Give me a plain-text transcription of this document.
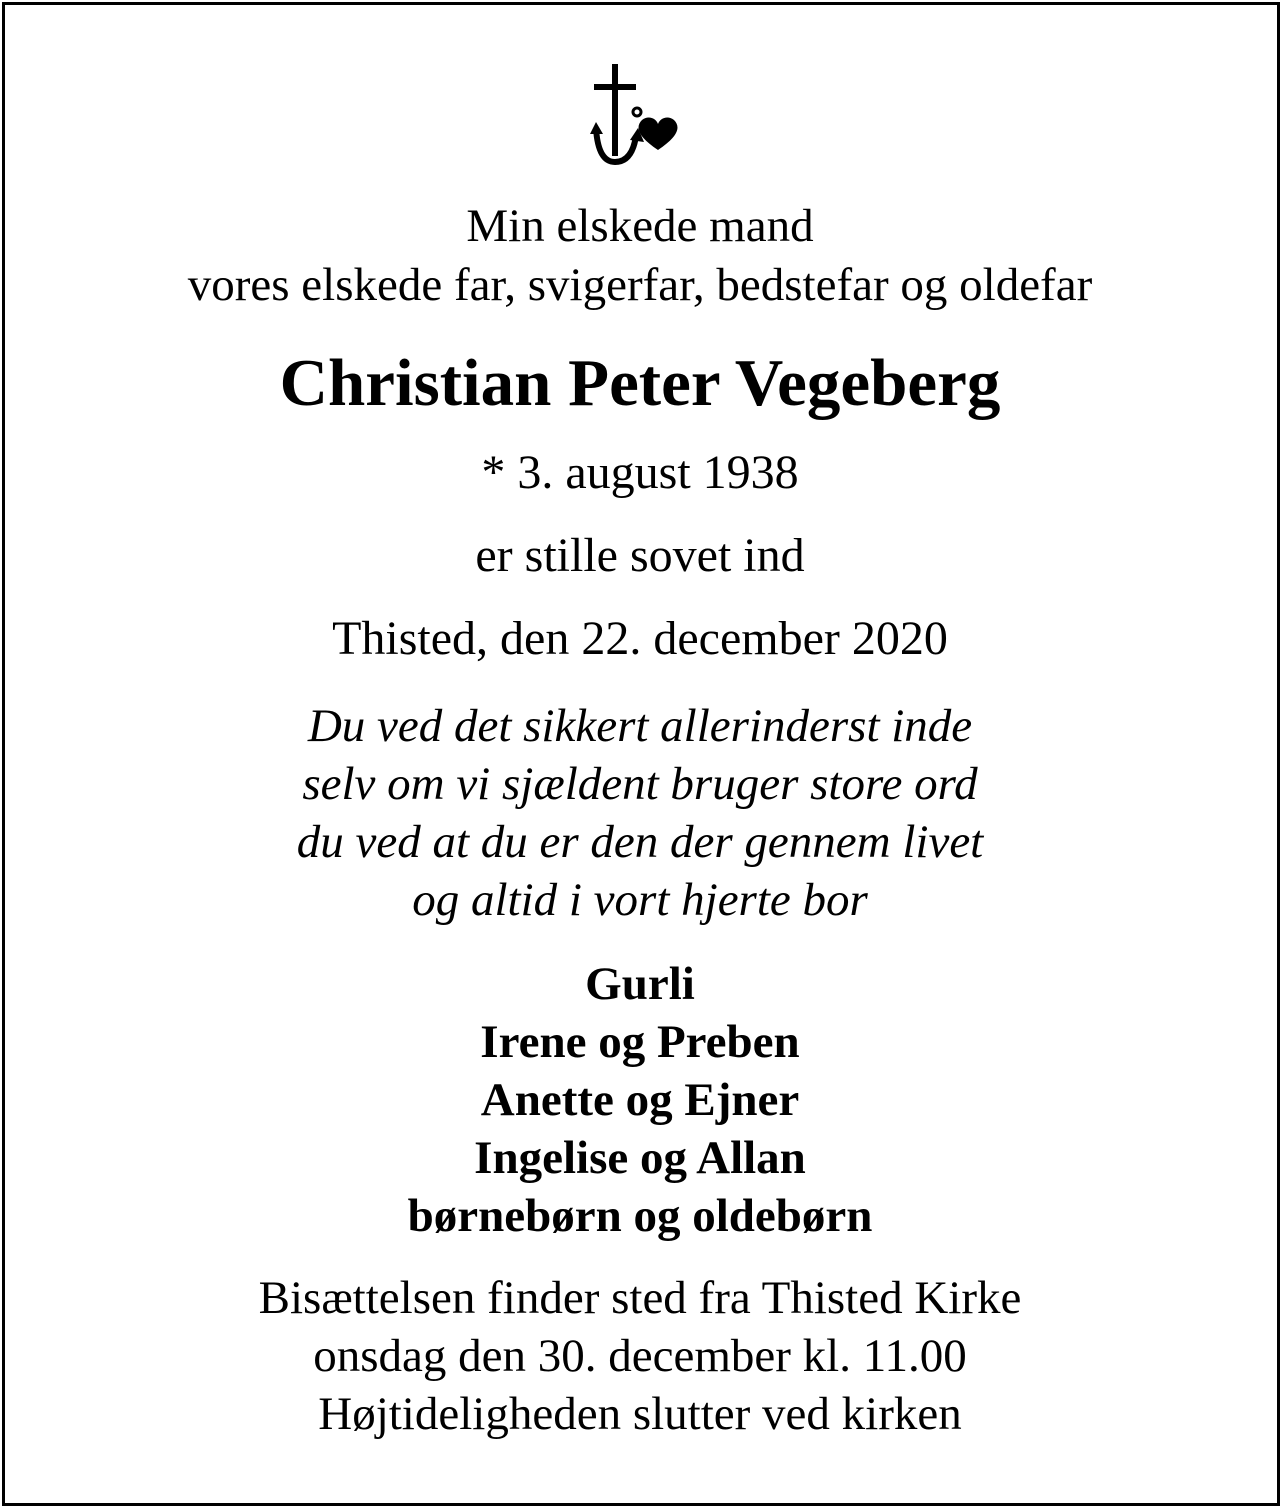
Min elskede mand
vores elskede far, svigerfar, bedstefar og oldefar
Christian Peter Vegeberg
* 3. august 1938
er stille sovet ind
Thisted, den 22. december 2020
Du ved det sikkert allerinderst inde
selv om vi sjældent bruger store ord
du ved at du er den der gennem livet
og altid i vort hjerte bor
Gurli
Irene og Preben
Anette og Ejner
Ingelise og Allan
børnebørn og oldebørn
Bisættelsen finder sted fra Thisted Kirke
onsdag den 30. december kl. 11.00
Højtideligheden slutter ved kirken
